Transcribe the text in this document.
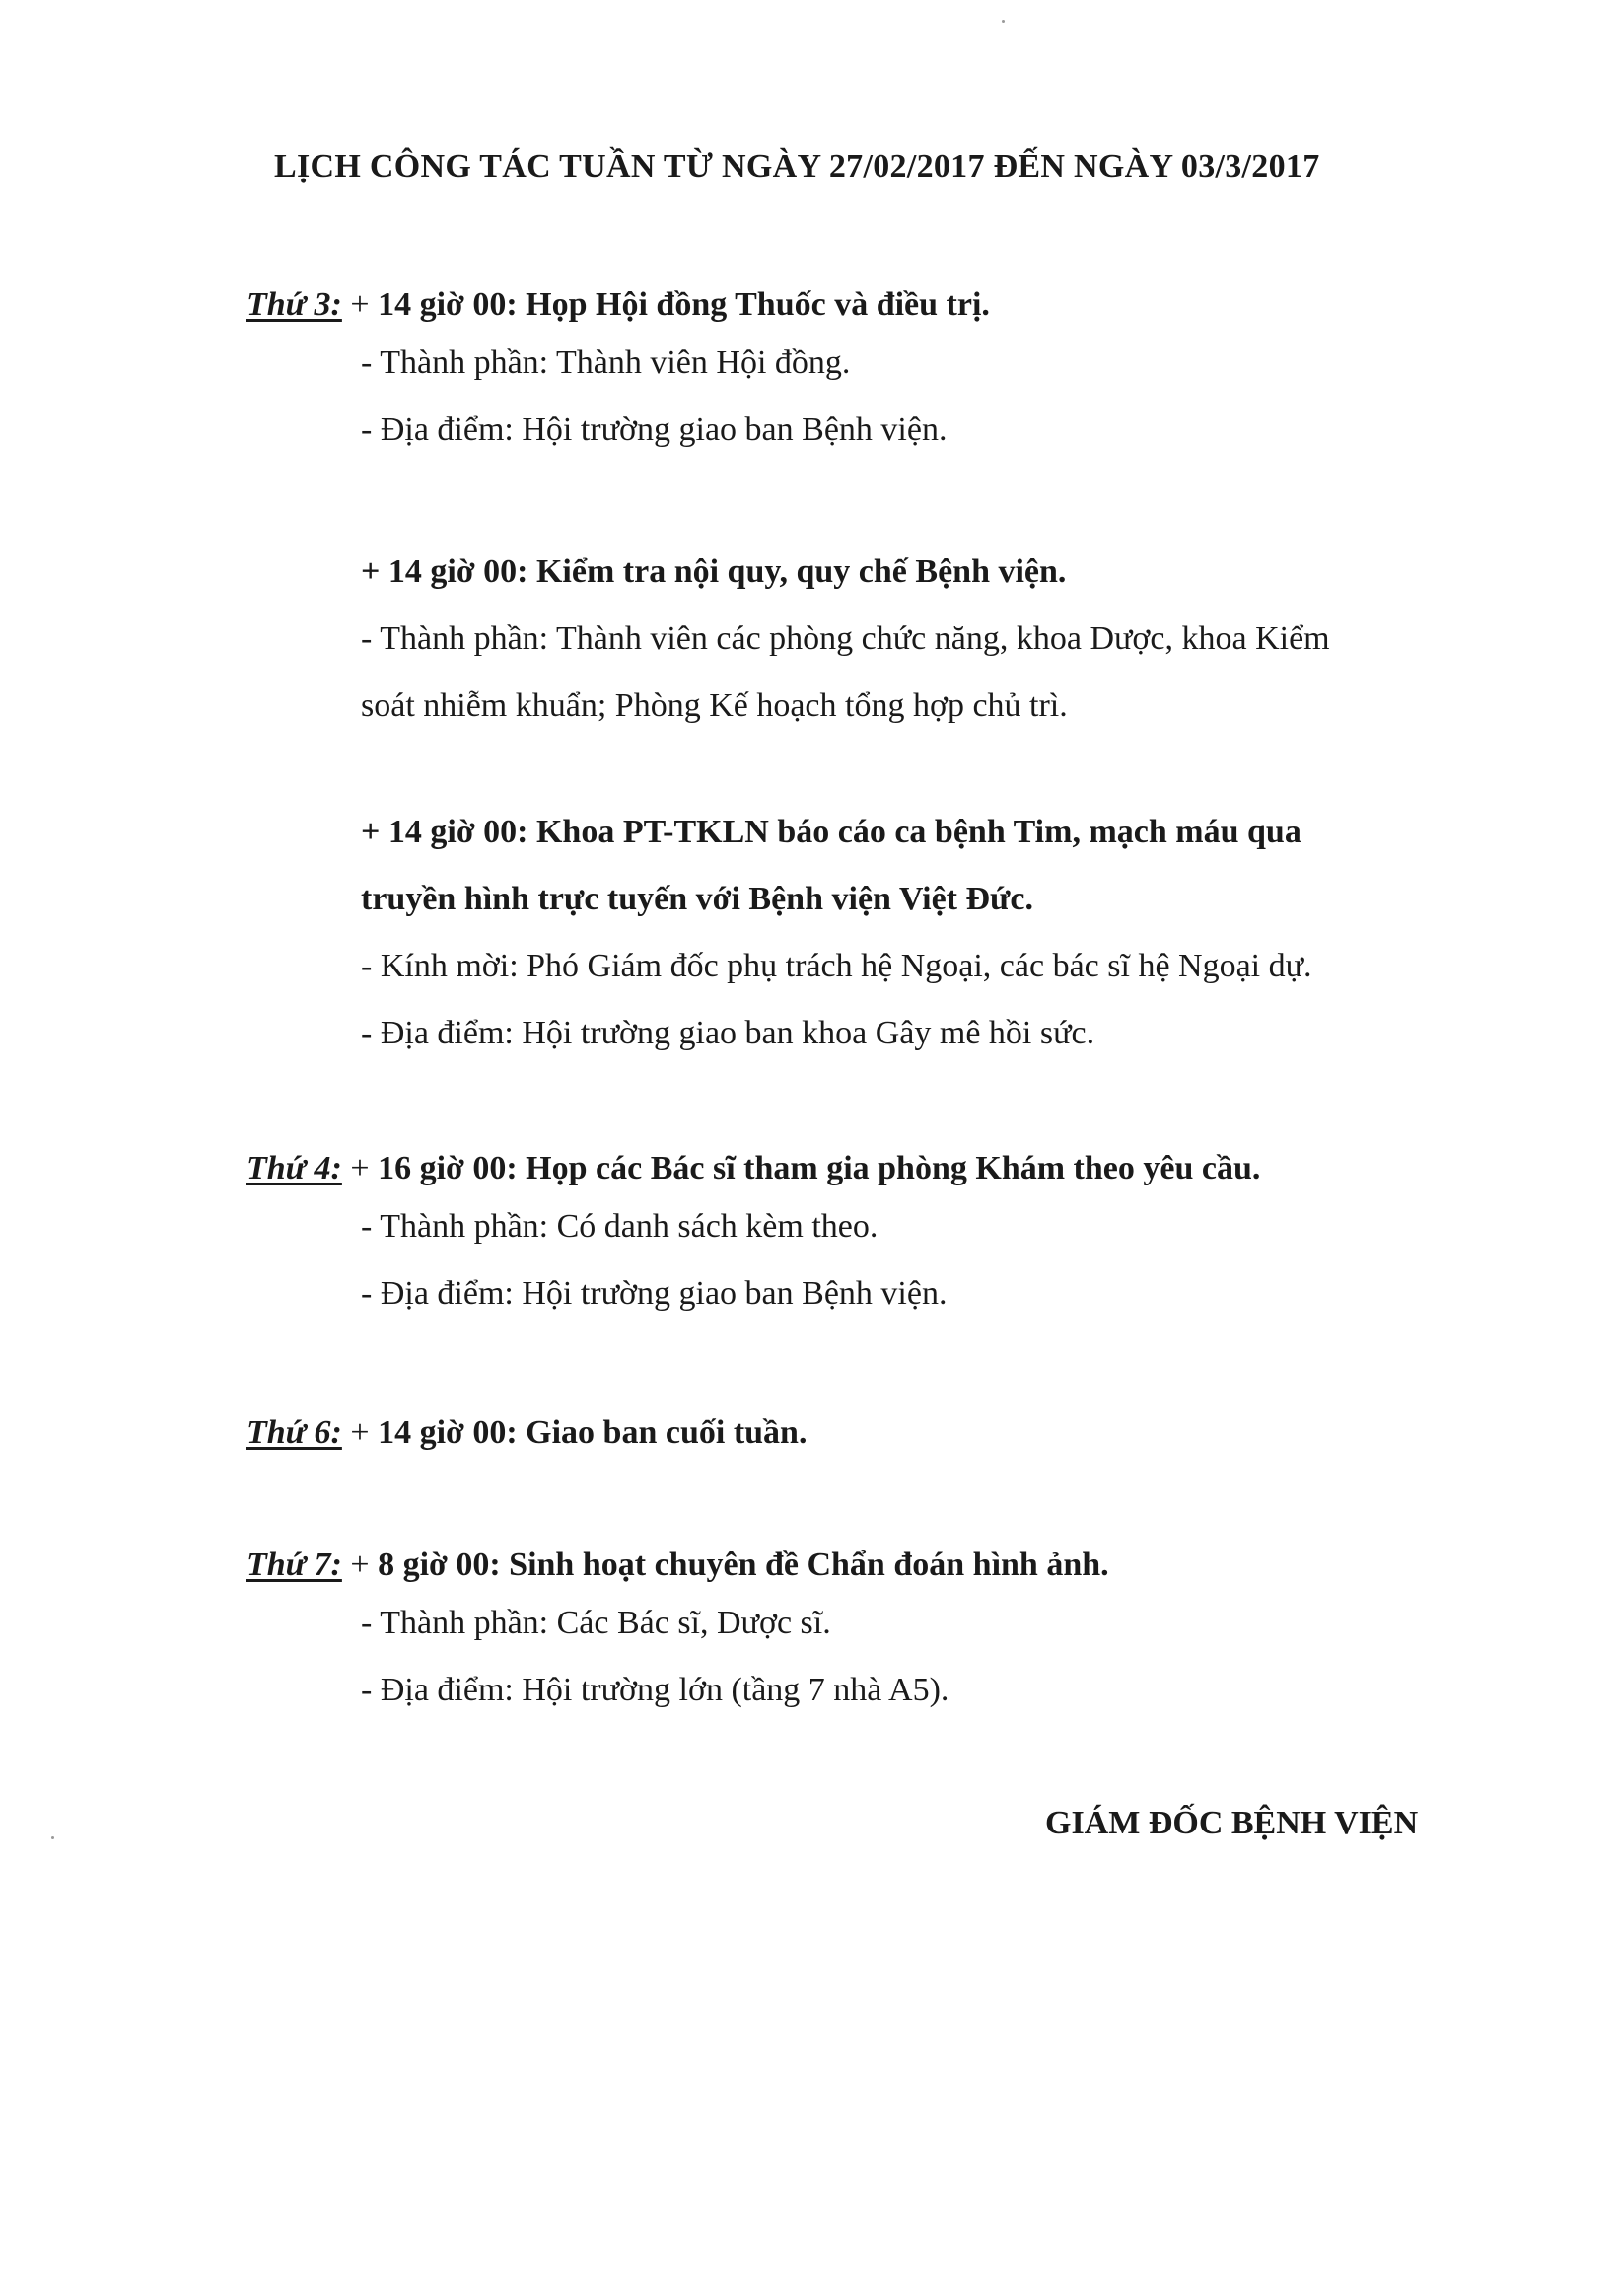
LỊCH CÔNG TÁC TUẦN TỪ NGÀY 27/02/2017 ĐẾN NGÀY 03/3/2017
Thứ 3: + 14 giờ 00: Họp Hội đồng Thuốc và điều trị.
- Thành phần: Thành viên Hội đồng.
- Địa điểm: Hội trường giao ban Bệnh viện.
+ 14 giờ 00: Kiểm tra nội quy, quy chế Bệnh viện.
- Thành phần: Thành viên các phòng chức năng, khoa Dược, khoa Kiểm
soát nhiễm khuẩn; Phòng Kế hoạch tổng hợp chủ trì.
+ 14 giờ 00: Khoa PT-TKLN báo cáo ca bệnh Tim, mạch máu qua
truyền hình trực tuyến với Bệnh viện Việt Đức.
- Kính mời: Phó Giám đốc phụ trách hệ Ngoại, các bác sĩ hệ Ngoại dự.
- Địa điểm: Hội trường giao ban khoa Gây mê hồi sức.
Thứ 4: + 16 giờ 00: Họp các Bác sĩ tham gia phòng Khám theo yêu cầu.
- Thành phần: Có danh sách kèm theo.
- Địa điểm: Hội trường giao ban Bệnh viện.
Thứ 6: + 14 giờ 00: Giao ban cuối tuần.
Thứ 7: + 8 giờ 00: Sinh hoạt chuyên đề Chẩn đoán hình ảnh.
- Thành phần: Các Bác sĩ, Dược sĩ.
- Địa điểm: Hội trường lớn (tầng 7 nhà A5).
GIÁM ĐỐC BỆNH VIỆN
